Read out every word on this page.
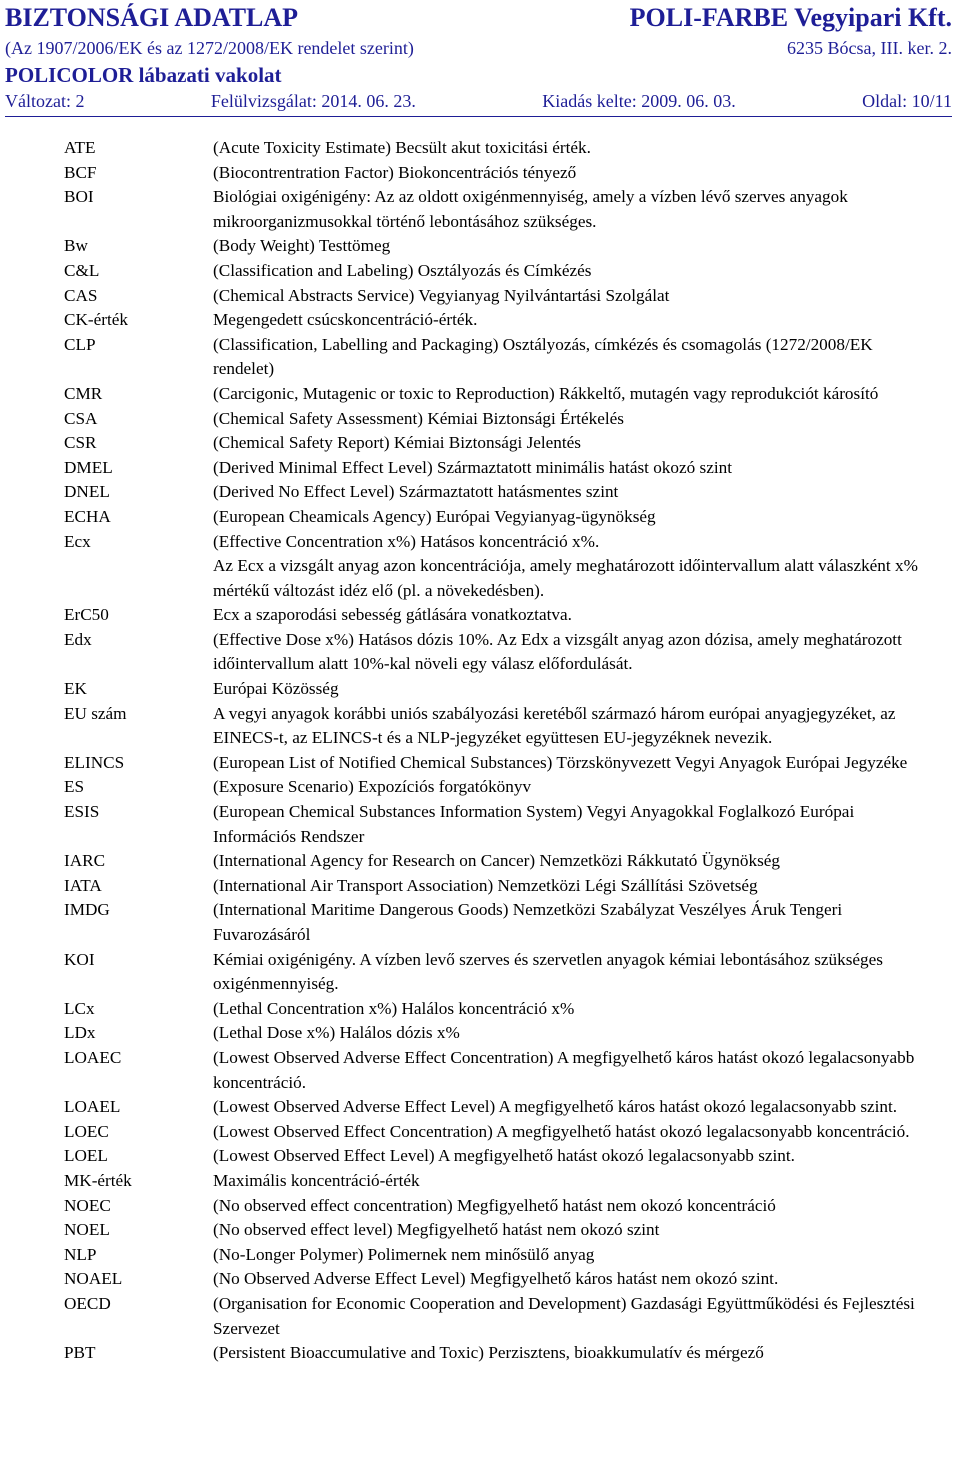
BIZTONSÁGI ADATLAP	POLI-FARBE Vegyipari Kft.
(Az 1907/2006/EK és az 1272/2008/EK rendelet szerint)	6235 Bócsa, III. ker. 2.
POLICOLOR lábazati vakolat
Változat: 2	Felülvizsgálat: 2014. 06. 23.	Kiadás kelte: 2009. 06. 03.	Oldal: 10/11
ATE	(Acute Toxicity Estimate) Becsült akut toxicitási érték.
BCF	(Biocontrentration Factor) Biokoncentrációs tényező
BOI	Biológiai oxigénigény: Az az oldott oxigénmennyiség, amely a vízben lévő szerves anyagok mikroorganizmusokkal történő lebontásához szükséges.
Bw	(Body Weight) Testtömeg
C&L	(Classification and Labeling) Osztályozás és Címkézés
CAS	(Chemical Abstracts Service) Vegyianyag Nyilvántartási Szolgálat
CK-érték	Megengedett csúcskoncentráció-érték.
CLP	(Classification, Labelling and Packaging) Osztályozás, címkézés és csomagolás (1272/2008/EK rendelet)
CMR	(Carcigonic, Mutagenic or toxic to Reproduction) Rákkeltő, mutagén vagy reprodukciót károsító
CSA	(Chemical Safety Assessment) Kémiai Biztonsági Értékelés
CSR	(Chemical Safety Report) Kémiai Biztonsági Jelentés
DMEL	(Derived Minimal Effect Level) Származtatott minimális hatást okozó szint
DNEL	(Derived No Effect Level) Származtatott hatásmentes szint
ECHA	(European Cheamicals Agency) Európai Vegyianyag-ügynökség
Ecx	(Effective Concentration x%) Hatásos koncentráció x%.
Az Ecx a vizsgált anyag azon koncentrációja, amely meghatározott időintervallum alatt válaszként x% mértékű változást idéz elő (pl. a növekedésben).
ErC50	Ecx a szaporodási sebesség gátlására vonatkoztatva.
Edx	(Effective Dose x%) Hatásos dózis 10%. Az Edx a vizsgált anyag azon dózisa, amely meghatározott időintervallum alatt 10%-kal növeli egy válasz előfordulását.
EK	Európai Közösség
EU szám	A vegyi anyagok korábbi uniós szabályozási keretéből származó három európai anyagjegyzéket, az EINECS-t, az ELINCS-t és a NLP-jegyzéket együttesen EU-jegyzéknek nevezik.
ELINCS	(European List of Notified Chemical Substances) Törzskönyvezett Vegyi Anyagok Európai Jegyzéke
ES	(Exposure Scenario) Expozíciós forgatókönyv
ESIS	(European Chemical Substances Information System) Vegyi Anyagokkal Foglalkozó Európai Információs Rendszer
IARC	(International Agency for Research on Cancer) Nemzetközi Rákkutató Ügynökség
IATA	(International Air Transport Association) Nemzetközi Légi Szállítási Szövetség
IMDG	(International Maritime Dangerous Goods) Nemzetközi Szabályzat Veszélyes Áruk Tengeri Fuvarozásáról
KOI	Kémiai oxigénigény. A vízben levő szerves és szervetlen anyagok kémiai lebontásához szükséges oxigénmennyiség.
LCx	(Lethal Concentration x%) Halálos koncentráció x%
LDx	(Lethal Dose x%) Halálos dózis x%
LOAEC	(Lowest Observed Adverse Effect Concentration) A megfigyelhető káros hatást okozó legalacsonyabb koncentráció.
LOAEL	(Lowest Observed Adverse Effect Level) A megfigyelhető káros hatást okozó legalacsonyabb szint.
LOEC	(Lowest Observed Effect Concentration) A megfigyelhető hatást okozó legalacsonyabb koncentráció.
LOEL	(Lowest Observed Effect Level) A megfigyelhető hatást okozó legalacsonyabb szint.
MK-érték	Maximális koncentráció-érték
NOEC	(No observed effect concentration) Megfigyelhető hatást nem okozó koncentráció
NOEL	(No observed effect level) Megfigyelhető hatást nem okozó szint
NLP	(No-Longer Polymer) Polimernek nem minősülő anyag
NOAEL	(No Observed Adverse Effect Level) Megfigyelhető káros hatást nem okozó szint.
OECD	(Organisation for Economic Cooperation and Development) Gazdasági Együttműködési és Fejlesztési Szervezet
PBT	(Persistent Bioaccumulative and Toxic) Perzisztens, bioakkumulatív és mérgező
